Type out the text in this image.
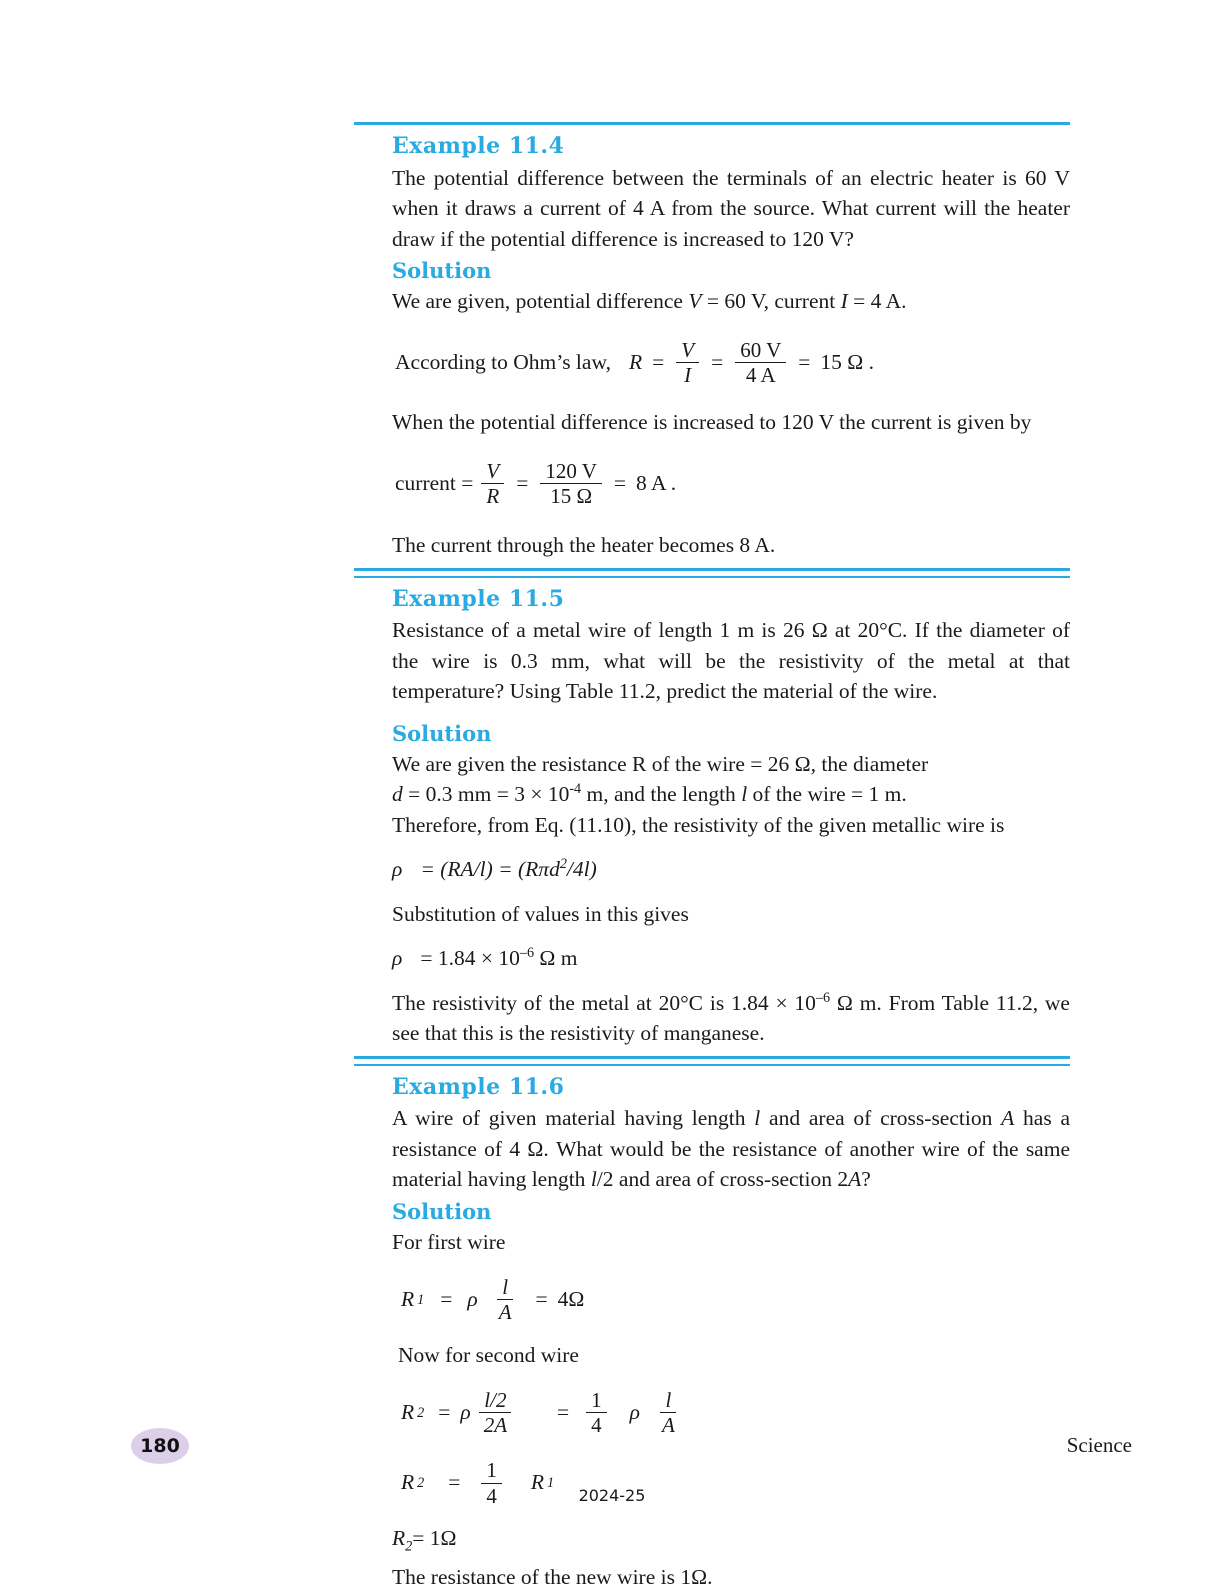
Example 11.4

The potential difference between the terminals of an electric heater is 60 V when it draws a current of 4 A from the source. What current will the heater draw if the potential difference is increased to 120 V?

Solution

We are given, potential difference V = 60 V, current I = 4 A.

According to Ohm’s law, $R = \frac{V}{I} = \frac{60 V}{4 A} = 15$ Ω .

When the potential difference is increased to 120 V the current is given by

current = $\frac{V}{R} = \frac{120 V}{15 \Omega} = 8$ A .

The current through the heater becomes 8 A.

Example 11.5

Resistance of a metal wire of length 1 m is 26 Ω at 20°C. If the diameter of the wire is 0.3 mm, what will be the resistivity of the metal at that temperature? Using Table 11.2, predict the material of the wire.

Solution

We are given the resistance R of the wire = 26 Ω, the diameter

d = 0.3 mm = $3 \times 10^{-4}$ m, and the length l of the wire = 1 m.

Therefore, from Eq. (11.10), the resistivity of the given metallic wire is

ρ = (RA/l) = (Rπd$^2$/4l)

Substitution of values in this gives

$\rho = 1.84 \times 10^{-6}$ Ω m

The resistivity of the metal at 20°C is $1.84 \times 10^{-6}$ Ω m. From Table 11.2, we see that this is the resistivity of manganese.

Example 11.6

A wire of given material having length l and area of cross-section A has a resistance of 4 Ω. What would be the resistance of another wire of the same material having length l/2 and area of cross-section 2A?

Solution

For first wire

R 1 = ρ $\frac{l}{A} = 4\Omega$

Now for second wire

R 2 = ρ $\frac{l/2}{2A}$	= $\frac{1}{4}$	ρ $\frac{l}{A}$
R 2	=	$\frac{1}{4}$	R 1

$R_2= 1\Omega$

The resistance of the new wire is 1Ω.

180	Science
2024-25
